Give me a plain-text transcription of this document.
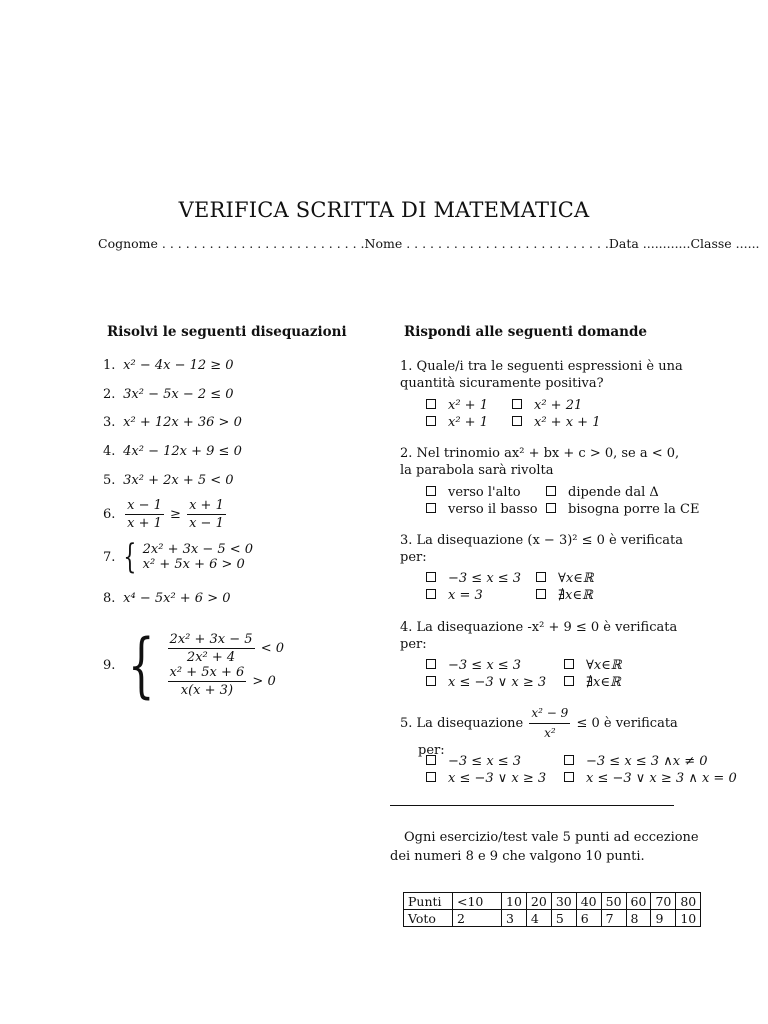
VERIFICA SCRITTA DI MATEMATICA
Cognome . . . . . . . . . . . . . . . . . . . . . . . . . .Nome . . . . . . . . . . . . . . . . . . . . . . . . . .Data ............Classe ......
Risolvi le seguenti disequazioni
1. x² − 4x − 12 ≥ 0
2. 3x² − 5x − 2 ≤ 0
3. x² + 12x + 36 > 0
4. 4x² − 12x + 9 ≤ 0
5. 3x² + 2x + 5 < 0
6. $\frac{x - 1}{x + 1} \ge \frac{x + 1}{x - 1}$
7. { 2x² + 3x − 5 < 0
x² + 5x + 6 > 0
8. x⁴ − 5x² + 6 > 0
9. { $\frac{\text{2x² + 3x − 5}}{\text{2x² + 4}} < 0$
$\frac{\text{x² + 5x + 6}}{x(x + 3)} > 0$
Rispondi alle seguenti domande
1. Quale/i tra le seguenti espressioni è una quantità sicuramente positiva?
x² + 1	x² + 21
x² + 1	x² + x + 1
2. Nel trinomio ax² + bx + c > 0, se a < 0, la parabola sarà rivolta
verso l'alto	dipende dal Δ
verso il basso bisogna porre la CE
3. La disequazione (x − 3)² ≤ 0 è verificata per:
−3 ≤ x ≤ 3	∀x∈ℝ
x = 3	∄x∈ℝ
4. La disequazione -x² + 9 ≤ 0 è verificata per:
−3 ≤ x ≤ 3	∀x∈ℝ
x ≤ −3 ∨ x ≥ 3	∄x∈ℝ
5. La disequazione $\frac{\text{x² − 9}}{\text{x²}} \le 0$ è verificata
per:
−3 ≤ x ≤ 3	−3 ≤ x ≤ 3 ∧x ≠ 0
x ≤ −3 ∨ x ≥ 3	x ≤ −3 ∨ x ≥ 3 ∧ x = 0
Ogni esercizio/test vale 5 punti ad eccezione dei numeri 8 e 9 che valgono 10 punti.
Punti	<10	10	20	30	40	50	60	70	80
Voto	2	3	4	5	6	7	8	9	10
